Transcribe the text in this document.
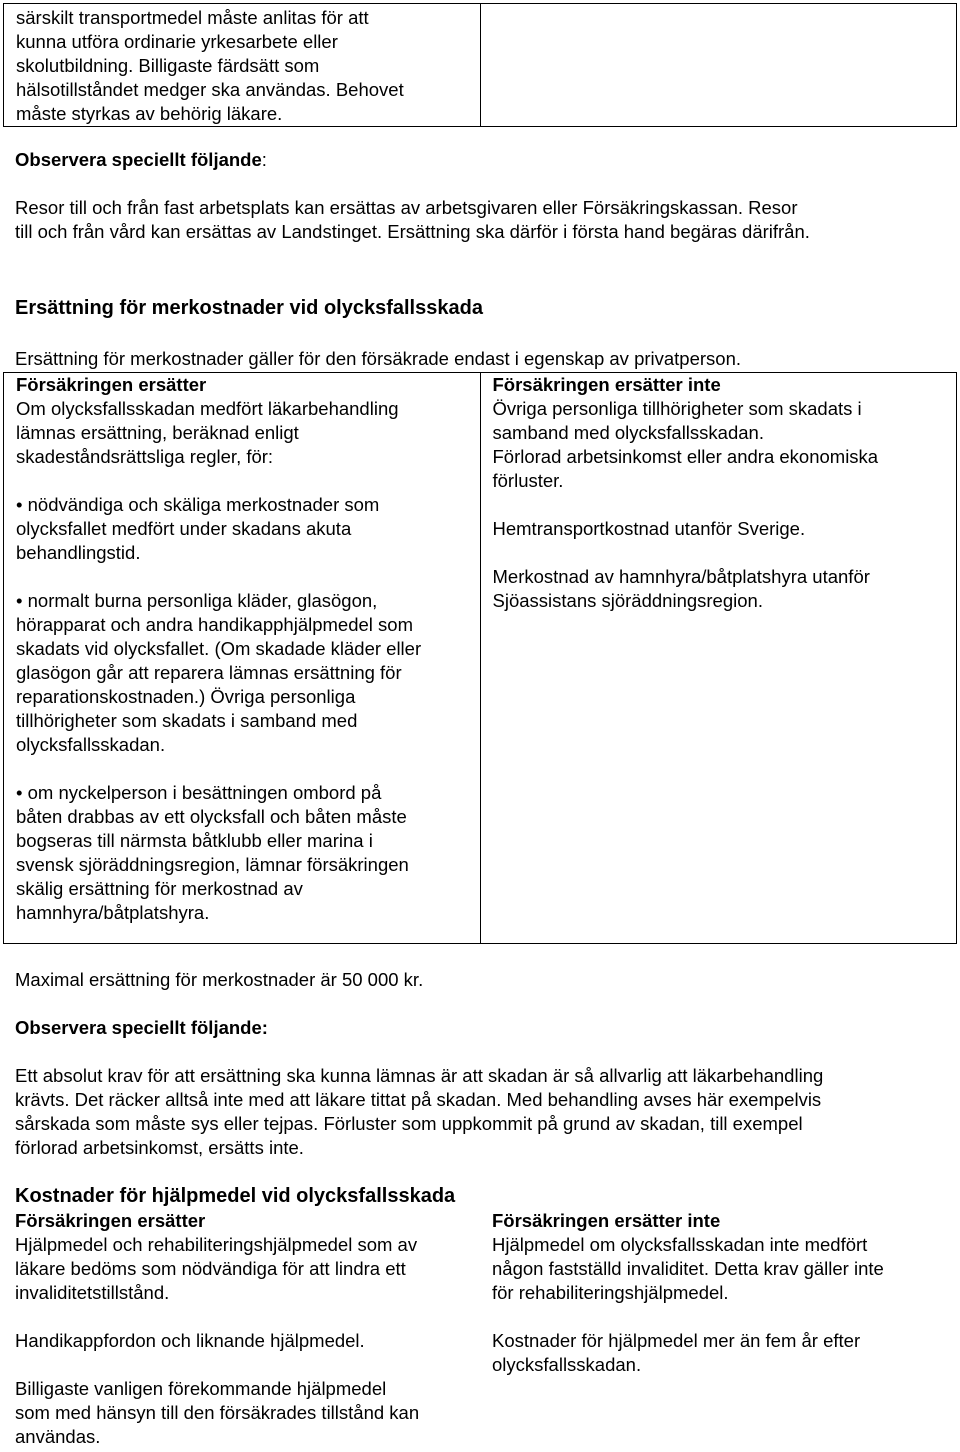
särskilt transportmedel måste anlitas för att
kunna utföra ordinarie yrkesarbete eller
skolutbildning. Billigaste färdsätt som
hälsotillståndet medger ska användas. Behovet
måste styrkas av behörig läkare.

Observera speciellt följande:
Resor till och från fast arbetsplats kan ersättas av arbetsgivaren eller Försäkringskassan. Resor
till och från vård kan ersättas av Landstinget. Ersättning ska därför i första hand begäras därifrån.
Ersättning för merkostnader vid olycksfallsskada
Ersättning för merkostnader gäller för den försäkrade endast i egenskap av privatperson.
Försäkringen ersätter
Om olycksfallsskadan medfört läkarbehandling
lämnas ersättning, beräknad enligt
skadeståndsrättsliga regler, för:
• nödvändiga och skäliga merkostnader som
olycksfallet medfört under skadans akuta
behandlingstid.
• normalt burna personliga kläder, glasögon,
hörapparat och andra handikapphjälpmedel som
skadats vid olycksfallet. (Om skadade kläder eller
glasögon går att reparera lämnas ersättning för
reparationskostnaden.) Övriga personliga
tillhörigheter som skadats i samband med
olycksfallsskadan.
• om nyckelperson i besättningen ombord på
båten drabbas av ett olycksfall och båten måste
bogseras till närmsta båtklubb eller marina i
svensk sjöräddningsregion, lämnar försäkringen
skälig ersättning för merkostnad av
hamnhyra/båtplatshyra.

Försäkringen ersätter inte
Övriga personliga tillhörigheter som skadats i
samband med olycksfallsskadan.
Förlorad arbetsinkomst eller andra ekonomiska
förluster.
Hemtransportkostnad utanför Sverige.
Merkostnad av hamnhyra/båtplatshyra utanför
Sjöassistans sjöräddningsregion.
Maximal ersättning för merkostnader är 50 000 kr.
Observera speciellt följande:
Ett absolut krav för att ersättning ska kunna lämnas är att skadan är så allvarlig att läkarbehandling
krävts. Det räcker alltså inte med att läkare tittat på skadan. Med behandling avses här exempelvis
sårskada som måste sys eller tejpas. Förluster som uppkommit på grund av skadan, till exempel
förlorad arbetsinkomst, ersätts inte.
Kostnader för hjälpmedel vid olycksfallsskada
Försäkringen ersätter
Hjälpmedel och rehabiliteringshjälpmedel som av
läkare bedöms som nödvändiga för att lindra ett
invaliditetstillstånd.
Handikappfordon och liknande hjälpmedel.
Billigaste vanligen förekommande hjälpmedel
som med hänsyn till den försäkrades tillstånd kan
användas.

Försäkringen ersätter inte
Hjälpmedel om olycksfallsskadan inte medfört
någon fastställd invaliditet. Detta krav gäller inte
för rehabiliteringshjälpmedel.
Kostnader för hjälpmedel mer än fem år efter
olycksfallsskadan.
